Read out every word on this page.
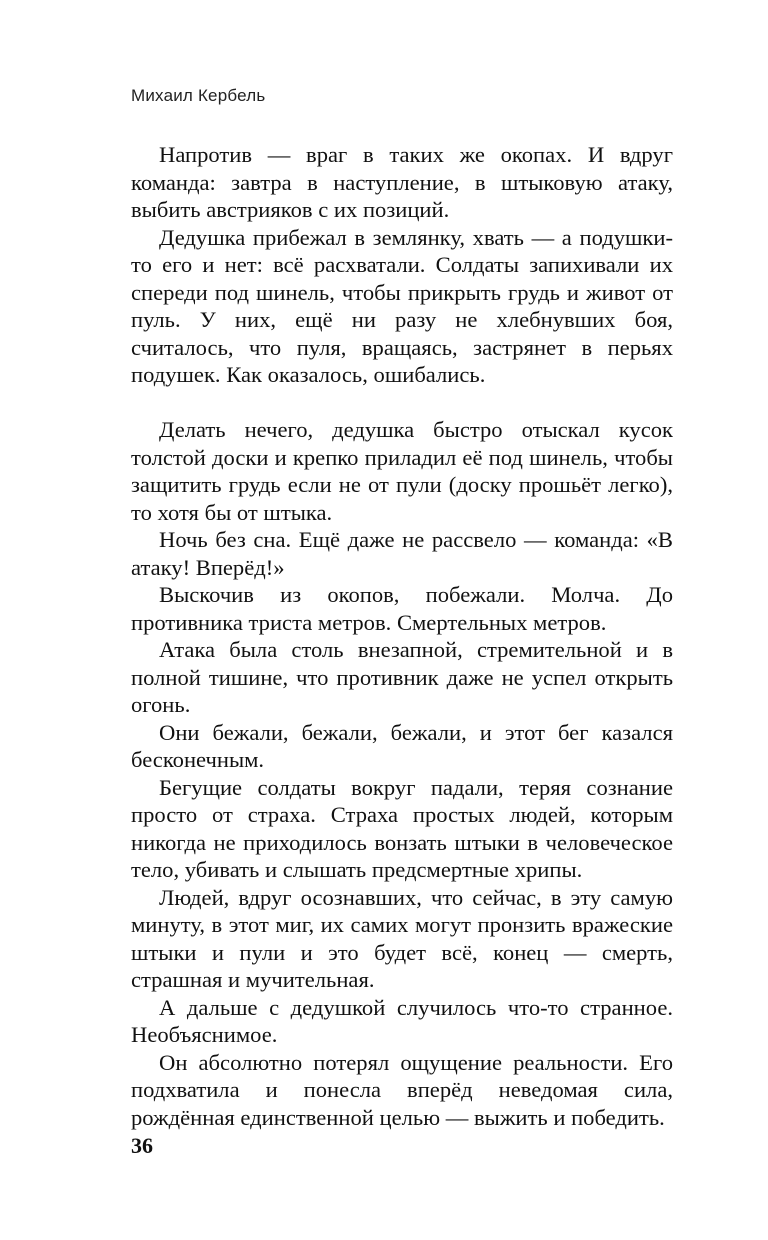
Михаил Кербель

Напротив — враг в таких же окопах. И вдруг команда: завтра в наступление, в штыковую атаку, выбить австрияков с их позиций.

Дедушка прибежал в землянку, хвать — а подушки-то его и нет: всё расхватали. Солдаты запихивали их спереди под шинель, чтобы прикрыть грудь и живот от пуль. У них, ещё ни разу не хлебнувших боя, считалось, что пуля, вращаясь, застрянет в перьях подушек. Как оказалось, ошибались.

Делать нечего, дедушка быстро отыскал кусок толстой доски и крепко приладил её под шинель, чтобы защитить грудь если не от пули (доску прошьёт легко), то хотя бы от штыка.

Ночь без сна. Ещё даже не рассвело — команда: «В атаку! Вперёд!»

Выскочив из окопов, побежали. Молча. До противника триста метров. Смертельных метров.

Атака была столь внезапной, стремительной и в полной тишине, что противник даже не успел открыть огонь.

Они бежали, бежали, бежали, и этот бег казался бесконечным.

Бегущие солдаты вокруг падали, теряя сознание просто от страха. Страха простых людей, которым никогда не приходилось вонзать штыки в человеческое тело, убивать и слышать предсмертные хрипы.

Людей, вдруг осознавших, что сейчас, в эту самую минуту, в этот миг, их самих могут пронзить вражеские штыки и пули и это будет всё, конец — смерть, страшная и мучительная.

А дальше с дедушкой случилось что-то странное. Необъяснимое.

Он абсолютно потерял ощущение реальности. Его подхватила и понесла вперёд неведомая сила, рождённая единственной целью — выжить и победить.

36
